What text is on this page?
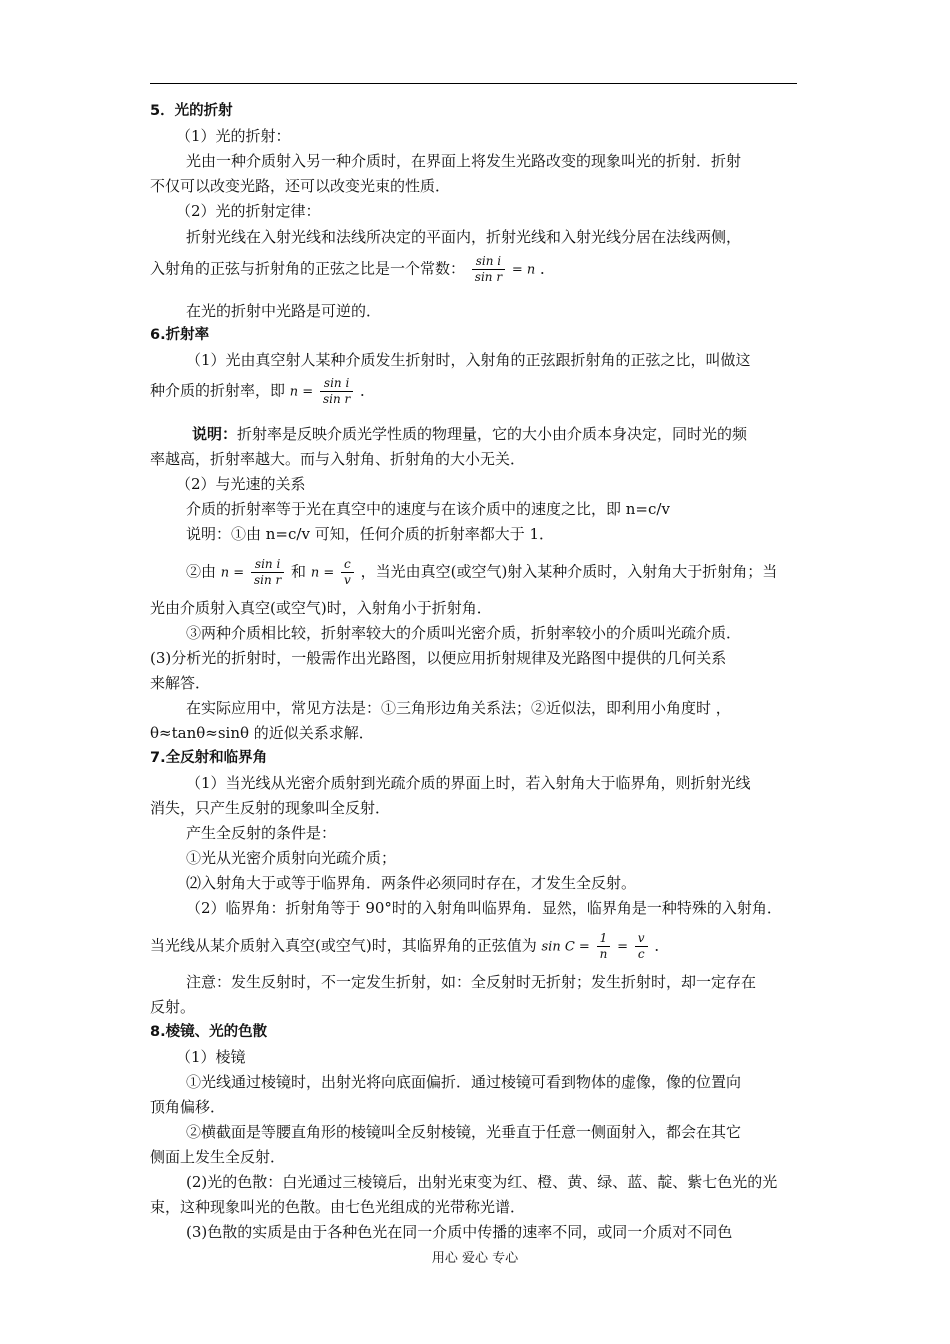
5．光的折射
（1）光的折射：
光由一种介质射入另一种介质时，在界面上将发生光路改变的现象叫光的折射．折射
不仅可以改变光路，还可以改变光束的性质．
（2）光的折射定律：
折射光线在入射光线和法线所决定的平面内，折射光线和入射光线分居在法线两侧，
入射角的正弦与折射角的正弦之比是一个常数： $\frac{\text{sin i}}{\text{sin r}} = n$ ．
在光的折射中光路是可逆的．
6.折射率
（1）光由真空射人某种介质发生折射时，入射角的正弦跟折射角的正弦之比，叫做这
种介质的折射率，即 $n = \frac{\text{sin i}}{\text{sin r}}$ ．
说明：折射率是反映介质光学性质的物理量，它的大小由介质本身决定，同时光的频
率越高，折射率越大。而与入射角、折射角的大小无关．
（2）与光速的关系
介质的折射率等于光在真空中的速度与在该介质中的速度之比，即 n=c/v
说明：①由 n=c/v 可知，任何介质的折射率都大于 1．
②由 $n = \frac{\text{sin i}}{\text{sin r}}$ 和 $n = \frac{c}{v}$ ，当光由真空(或空气)射入某种介质时，入射角大于折射角；当
光由介质射入真空(或空气)时，入射角小于折射角．
③两种介质相比较，折射率较大的介质叫光密介质，折射率较小的介质叫光疏介质．
(3)分析光的折射时，一般需作出光路图，以便应用折射规律及光路图中提供的几何关系
来解答．
在实际应用中，常见方法是：①三角形边角关系法；②近似法，即利用小角度时 ，
θ≈tanθ≈sinθ 的近似关系求解．
7.全反射和临界角
（1）当光线从光密介质射到光疏介质的界面上时，若入射角大于临界角，则折射光线
消失，只产生反射的现象叫全反射．
产生全反射的条件是：
①光从光密介质射向光疏介质；
⑵入射角大于或等于临界角．两条件必须同时存在，才发生全反射。
（2）临界角：折射角等于 90°时的入射角叫临界角．显然，临界角是一种特殊的入射角．
当光线从某介质射入真空(或空气)时，其临界角的正弦值为 $\sin C = \frac{1}{n} = \frac{v}{c}$ ．
注意：发生反射时，不一定发生折射，如：全反射时无折射；发生折射时，却一定存在
反射。
8.棱镜、光的色散
（1）棱镜
①光线通过棱镜时，出射光将向底面偏折．通过棱镜可看到物体的虚像，像的位置向
顶角偏移．
②横截面是等腰直角形的棱镜叫全反射棱镜，光垂直于任意一侧面射入，都会在其它
侧面上发生全反射．
(2)光的色散：白光通过三棱镜后，出射光束变为红、橙、黄、绿、蓝、靛、紫七色光的光
束，这种现象叫光的色散。由七色光组成的光带称光谱．
(3)色散的实质是由于各种色光在同一介质中传播的速率不同，或同一介质对不同色
用心 爱心 专心
